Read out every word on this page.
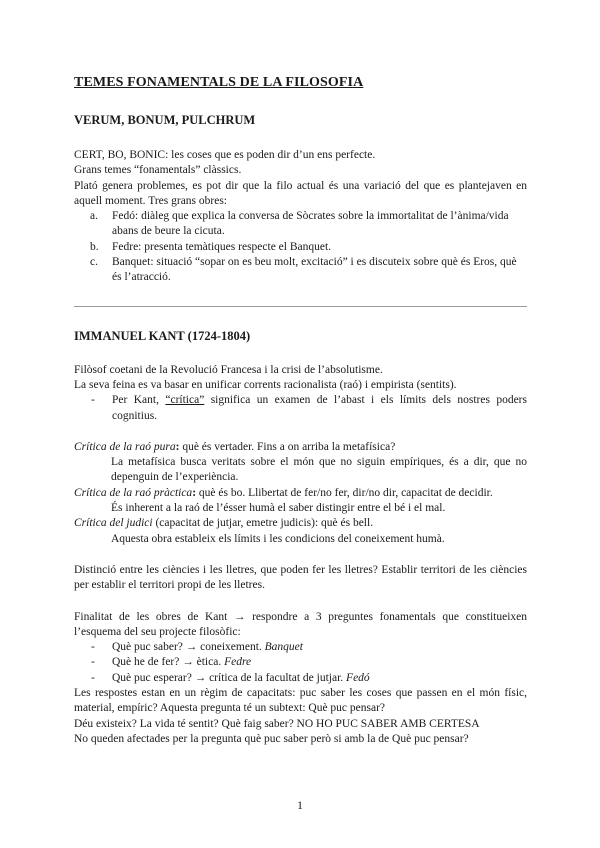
TEMES FONAMENTALS DE LA FILOSOFIA
VERUM, BONUM, PULCHRUM

CERT, BO, BONIC: les coses que es poden dir d’un ens perfecte.

Grans temes “fonamentals” clàssics.

Plató genera problemes, es pot dir que la filo actual és una variació del que es plantejaven en aquell moment. Tres grans obres:

a. Fedó: diàleg que explica la conversa de Sòcrates sobre la immortalitat de l’ànima/vida abans de beure la cicuta.
b. Fedre: presenta temàtiques respecte el Banquet.
c. Banquet: situació “sopar on es beu molt, excitació” i es discuteix sobre què és Eros, què és l’atracció.
IMMANUEL KANT (1724-1804)

Filòsof coetani de la Revolució Francesa i la crisi de l’absolutisme.

La seva feina es va basar en unificar corrents racionalista (raó) i empirista (sentits).

- Per Kant, “crítica” significa un examen de l’abast i els límits dels nostres poders cognitius.

Crítica de la raó pura: què és vertader. Fins a on arriba la metafísica?

La metafísica busca veritats sobre el món que no siguin empíriques, és a dir, que no depenguin de l’experiència.

Crítica de la raó pràctica: què és bo. Llibertat de fer/no fer, dir/no dir, capacitat de decidir.

És inherent a la raó de l’ésser humà el saber distingir entre el bé i el mal.

Crítica del judici (capacitat de jutjar, emetre judicis): què és bell.

Aquesta obra estableix els límits i les condicions del coneixement humà.

Distinció entre les ciències i les lletres, que poden fer les lletres? Establir territori de les ciències per establir el territori propi de les lletres.

Finalitat de les obres de Kant → respondre a 3 preguntes fonamentals que constitueixen l’esquema del seu projecte filosòfic:

- Què puc saber? → coneixement. Banquet
- Què he de fer? → ètica. Fedre
- Què puc esperar? → crítica de la facultat de jutjar. Fedó

Les respostes estan en un règim de capacitats: puc saber les coses que passen en el món físic, material, empíric? Aquesta pregunta té un subtext: Què puc pensar?

Déu existeix? La vida té sentit? Què faig saber? NO HO PUC SABER AMB CERTESA

No queden afectades per la pregunta què puc saber però si amb la de Què puc pensar?

1
